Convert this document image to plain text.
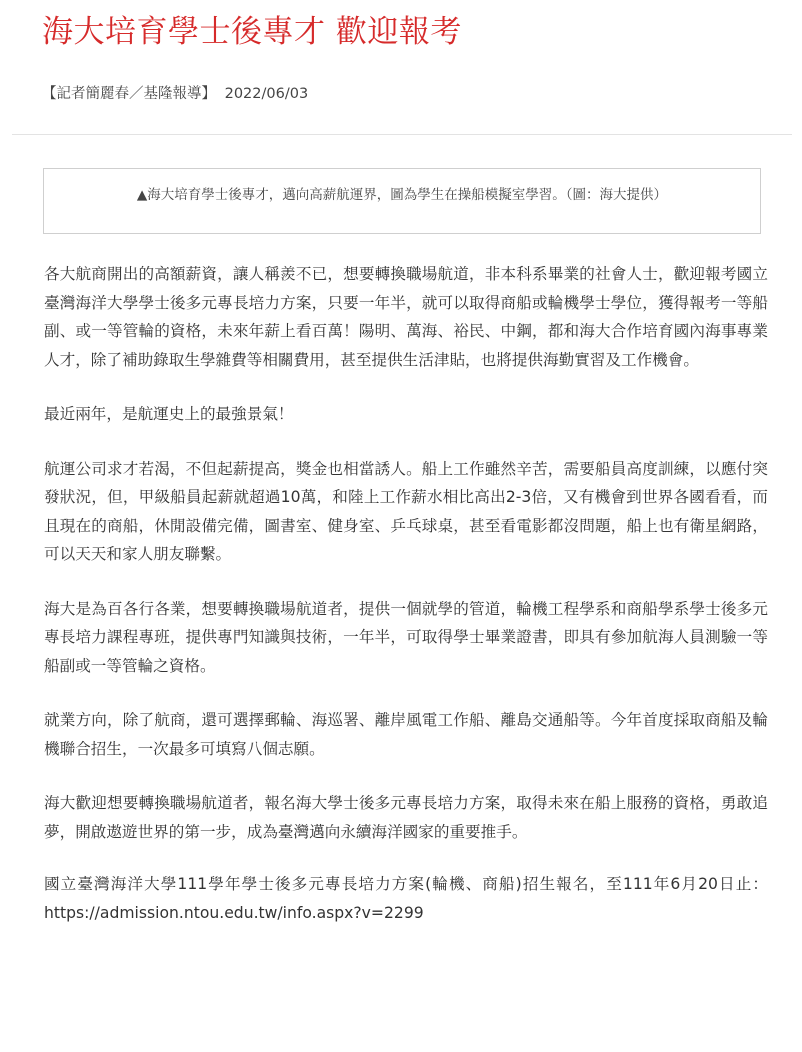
海大培育學士後專才 歡迎報考
【記者簡麗春／基隆報導】 2022/06/03
▲海大培育學士後專才，邁向高薪航運界，圖為學生在操船模擬室學習。（圖：海大提供）

各大航商開出的高額薪資，讓人稱羨不已，想要轉換職場航道，非本科系畢業的社會人士，歡迎報考國立臺灣海洋大學學士後多元專長培力方案，只要一年半，就可以取得商船或輪機學士學位，獲得報考一等船副、或一等管輪的資格，未來年薪上看百萬！陽明、萬海、裕民、中鋼，都和海大合作培育國內海事專業人才，除了補助錄取生學雜費等相關費用，甚至提供生活津貼，也將提供海勤實習及工作機會。

最近兩年，是航運史上的最強景氣！

航運公司求才若渴，不但起薪提高，獎金也相當誘人。船上工作雖然辛苦，需要船員高度訓練，以應付突發狀況，但，甲級船員起薪就超過10萬，和陸上工作薪水相比高出2-3倍，又有機會到世界各國看看，而且現在的商船，休閒設備完備，圖書室、健身室、乒乓球桌，甚至看電影都沒問題，船上也有衛星網路，可以天天和家人朋友聯繫。

海大是為百各行各業，想要轉換職場航道者，提供一個就學的管道，輪機工程學系和商船學系學士後多元專長培力課程專班，提供專門知識與技術，一年半，可取得學士畢業證書，即具有參加航海人員測驗一等船副或一等管輪之資格。

就業方向，除了航商，還可選擇郵輪、海巡署、離岸風電工作船、離島交通船等。今年首度採取商船及輪機聯合招生，一次最多可填寫八個志願。

海大歡迎想要轉換職場航道者，報名海大學士後多元專長培力方案，取得未來在船上服務的資格，勇敢追夢，開啟遨遊世界的第一步，成為臺灣邁向永續海洋國家的重要推手。

國立臺灣海洋大學111學年學士後多元專長培力方案(輪機、商船)招生報名，至111年6月20日止：https://admission.ntou.edu.tw/info.aspx?v=2299
